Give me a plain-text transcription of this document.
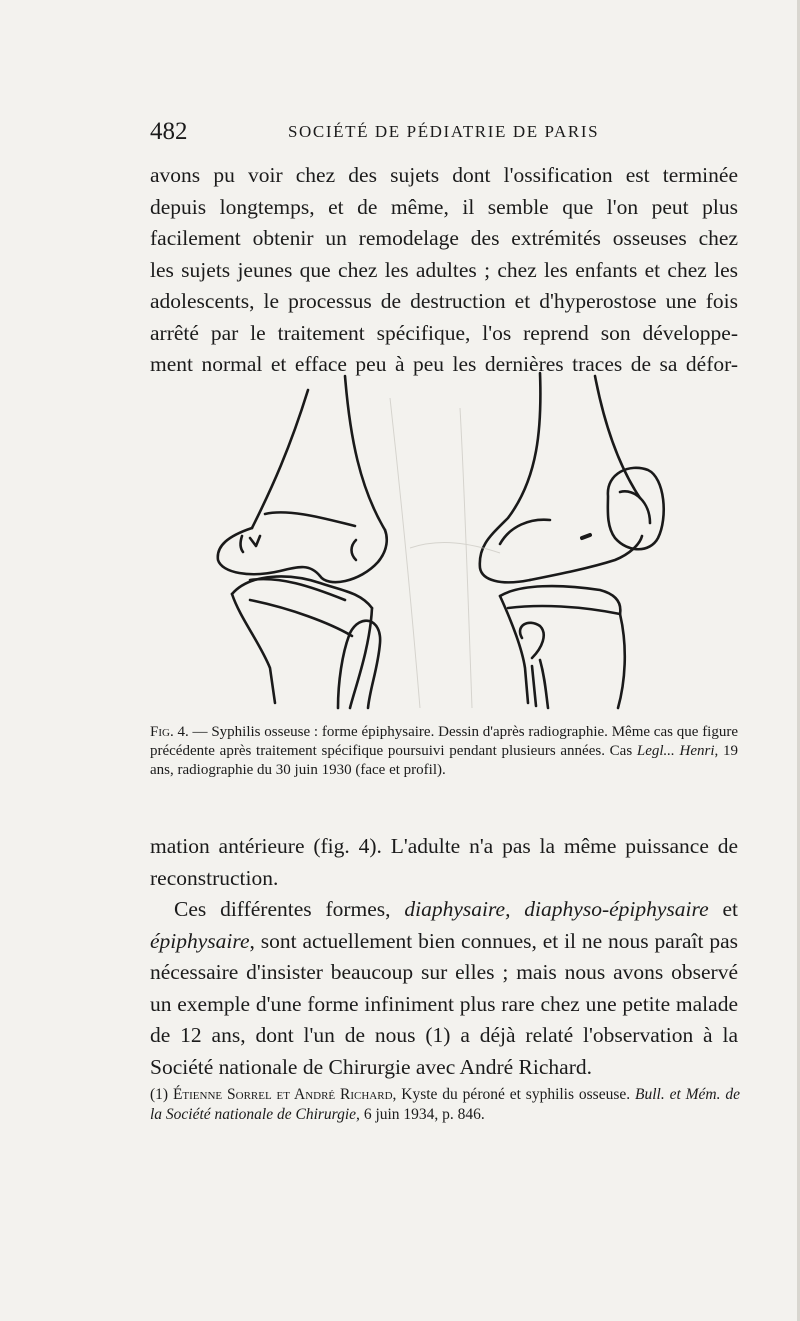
482	SOCIÉTÉ DE PÉDIATRIE DE PARIS
avons pu voir chez des sujets dont l'ossification est terminée
depuis longtemps, et de même, il semble que l'on peut plus
facilement obtenir un remodelage des extrémités osseuses chez
les sujets jeunes que chez les adultes ; chez les enfants et chez les
adolescents, le processus de destruction et d'hyperostose une fois
arrêté par le traitement spécifique, l'os reprend son développe-
ment normal et efface peu à peu les dernières traces de sa défor-

Fig. 4. — Syphilis osseuse : forme épiphysaire. Dessin d'après radiographie. Même cas que figure précédente après traitement spécifique poursuivi pendant plusieurs années. Cas Legl... Henri, 19 ans, radiographie du 30 juin 1930 (face et profil).

mation antérieure (fig. 4). L'adulte n'a pas la même puissance de reconstruction.

Ces différentes formes, diaphysaire, diaphyso-épiphysaire et épiphysaire, sont actuellement bien connues, et il ne nous paraît pas nécessaire d'insister beaucoup sur elles ; mais nous avons observé un exemple d'une forme infiniment plus rare chez une petite malade de 12 ans, dont l'un de nous (1) a déjà relaté l'observation à la Société nationale de Chirurgie avec André Richard.

(1) Étienne Sorrel et André Richard, Kyste du péroné et syphilis osseuse. Bull. et Mém. de la Société nationale de Chirurgie, 6 juin 1934, p. 846.
